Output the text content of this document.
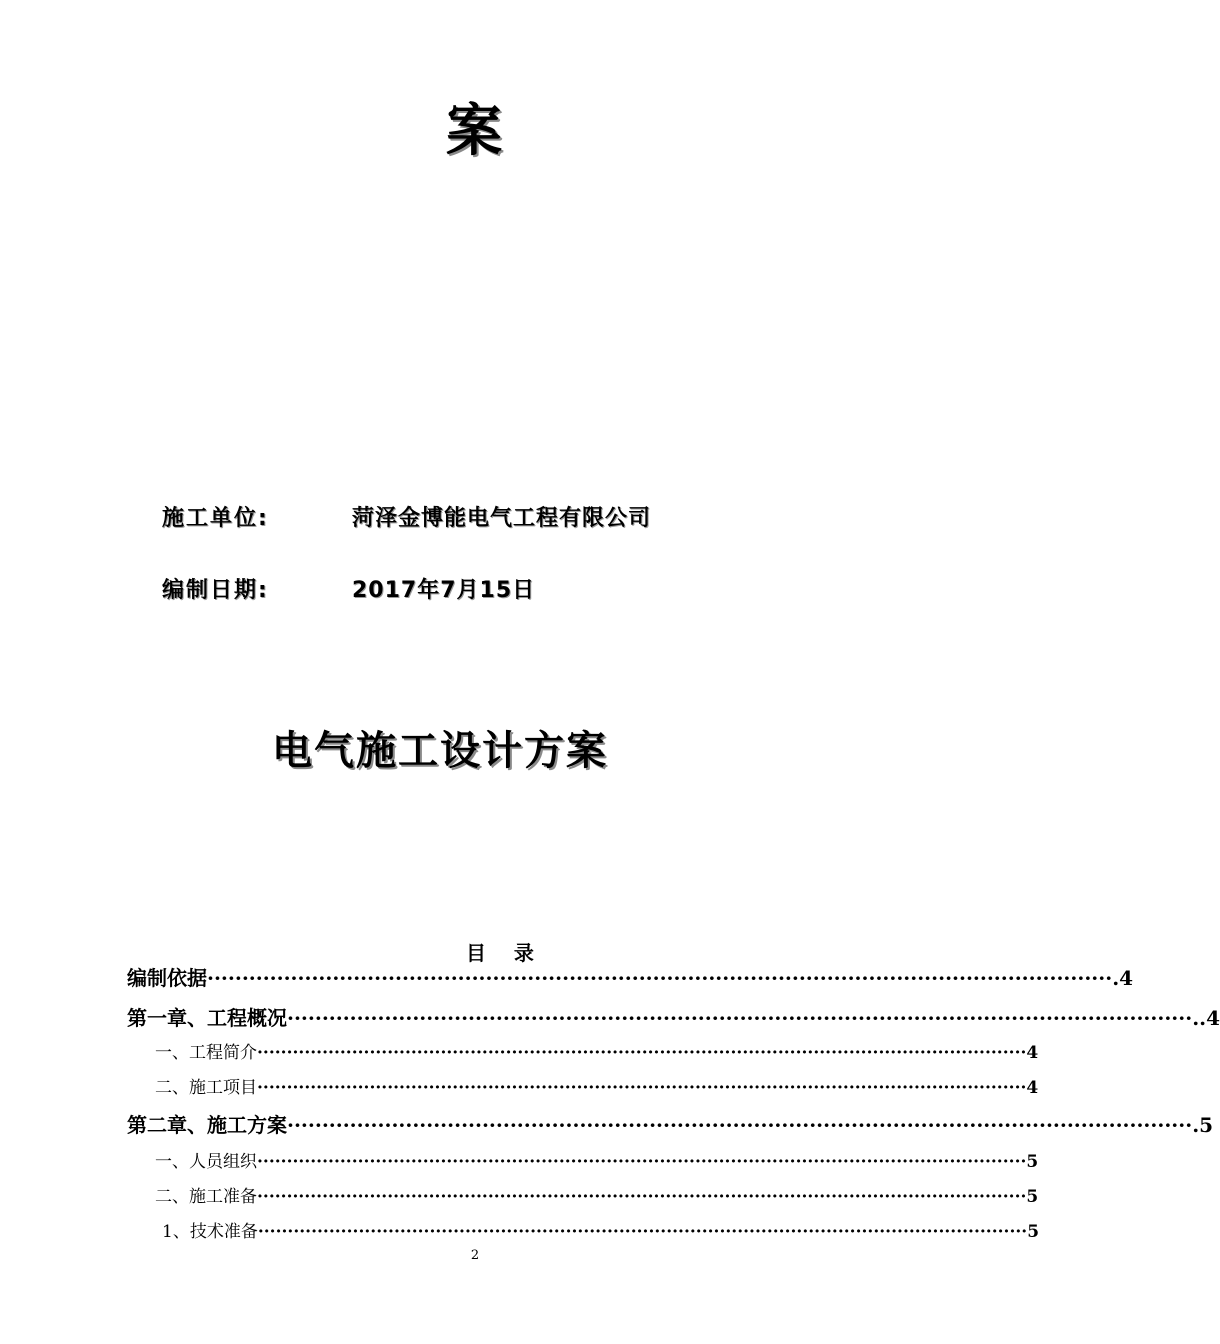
案
施工单位:	菏泽金博能电气工程有限公司
编制日期:	2017年7月15日
电气施工设计方案
目    录
编制依据 ·································································································································· .4
第一章、工程概况 ·································································································································· ..4
一、工程简介 ·································································································································· 4
二、施工项目 ·································································································································· 4
第二章、施工方案 ·································································································································· .5
一、人员组织 ·································································································································· 5
二、施工准备 ·································································································································· 5
1、技术准备 ·································································································································· 5
2
